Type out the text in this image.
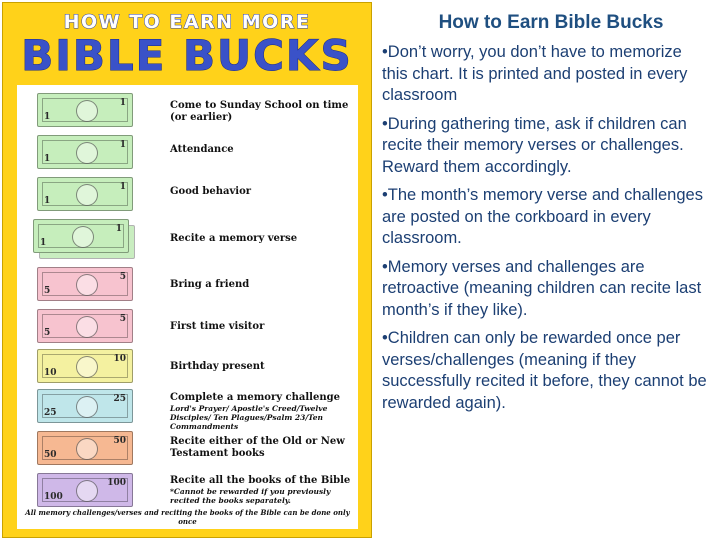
HOW TO EARN MORE
BIBLE BUCKS
1
1
Come to Sunday School on time (or earlier)
1
1
Attendance
1
1
Good behavior
1
1	Recite a memory verse
5
5
Bring a friend
5
5
First time visitor
10
10
Birthday present
25
25
Complete a memory challenge
Lord's Prayer/ Apostle's Creed/Twelve Disciples/ Ten Plagues/Psalm 23/Ten Commandments
50
50
Recite either of the Old or New Testament books
100
100
Recite all the books of the Bible
*Cannot be rewarded if you previously recited the books separately.
All memory challenges/verses and reciting the books of the Bible can be done only once
How to Earn Bible Bucks
•Don’t worry, you don’t have to memorize this chart. It is printed and posted in every classroom
•During gathering time, ask if children can recite their memory verses or challenges. Reward them accordingly.
•The month’s memory verse and challenges are posted on the corkboard in every classroom.
•Memory verses and challenges are retroactive (meaning children can recite last month’s if they like).
•Children can only be rewarded once per verses/challenges (meaning if they successfully recited it before, they cannot be rewarded again).
